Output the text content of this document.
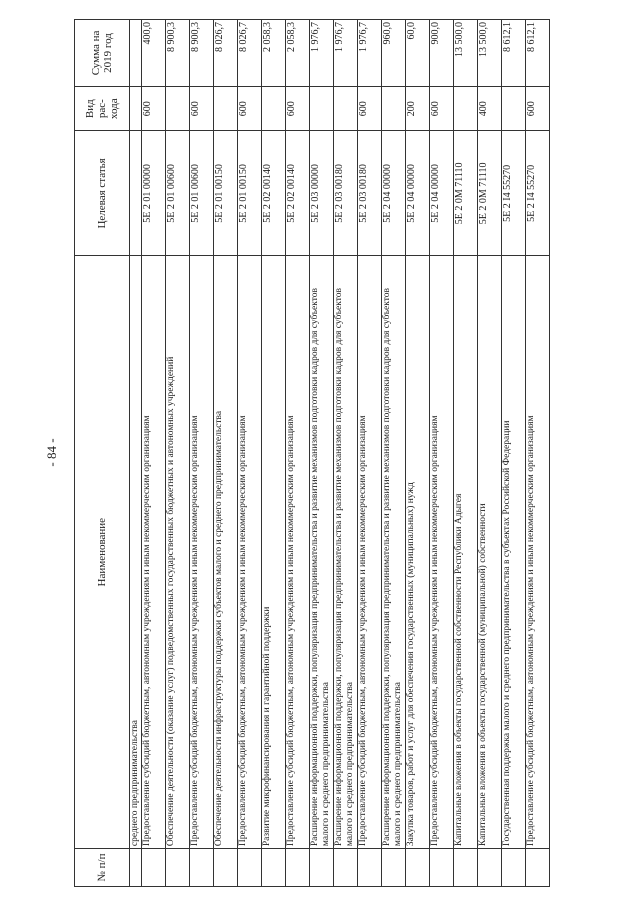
- 84 -
№ п/п	Наименование	Целевая статья	Вид рас-хода	Сумма на 2019 год
	среднего предпринимательства			
	Предоставление субсидий бюджетным, автономным учреждениям и иным некоммерческим организациям	5Е 2 01 00000	600	400,0
	Обеспечение деятельности (оказание услуг) подведомственных государственных бюджетных и автономных учреждений	5Е 2 01 00600		8 900,3
	Предоставление субсидий бюджетным, автономным учреждениям и иным некоммерческим организациям	5Е 2 01 00600	600	8 900,3
	Обеспечение деятельности инфраструктуры поддержки субъектов малого и среднего предпринимательства	5Е 2 01 00150		8 026,7
	Предоставление субсидий бюджетным, автономным учреждениям и иным некоммерческим организациям	5Е 2 01 00150	600	8 026,7
	Развитие микрофинансирования и гарантийной поддержки	5Е 2 02 00140		2 058,3
	Предоставление субсидий бюджетным, автономным учреждениям и иным некоммерческим организациям	5Е 2 02 00140	600	2 058,3
	Расширение информационной поддержки, популяризация предпринимательства и развитие механизмов подготовки кадров для субъектов малого и среднего предпринимательства	5Е 2 03 00000		1 976,7
	Расширение информационной поддержки, популяризация предпринимательства и развитие механизмов подготовки кадров для субъектов малого и среднего предпринимательства	5Е 2 03 00180		1 976,7
	Предоставление субсидий бюджетным, автономным учреждениям и иным некоммерческим организациям	5Е 2 03 00180	600	1 976,7
	Расширение информационной поддержки, популяризация предпринимательства и развитие механизмов подготовки кадров для субъектов малого и среднего предпринимательства	5Е 2 04 00000		960,0
	Закупка товаров, работ и услуг для обеспечения государственных (муниципальных) нужд	5Е 2 04 00000	200	60,0
	Предоставление субсидий бюджетным, автономным учреждениям и иным некоммерческим организациям	5Е 2 04 00000	600	900,0
	Капитальные вложения в объекты государственной собственности Республики Адыгея	5Е 2 0М 71110		13 500,0
	Капитальные вложения в объекты государственной (муниципальной) собственности	5Е 2 0М 71110	400	13 500,0
	Государственная поддержка малого и среднего предпринимательства в субъектах Российской Федерации	5Е 2 I4 55270		8 612,1
	Предоставление субсидий бюджетным, автономным учреждениям и иным некоммерческим организациям	5Е 2 I4 55270	600	8 612,1
